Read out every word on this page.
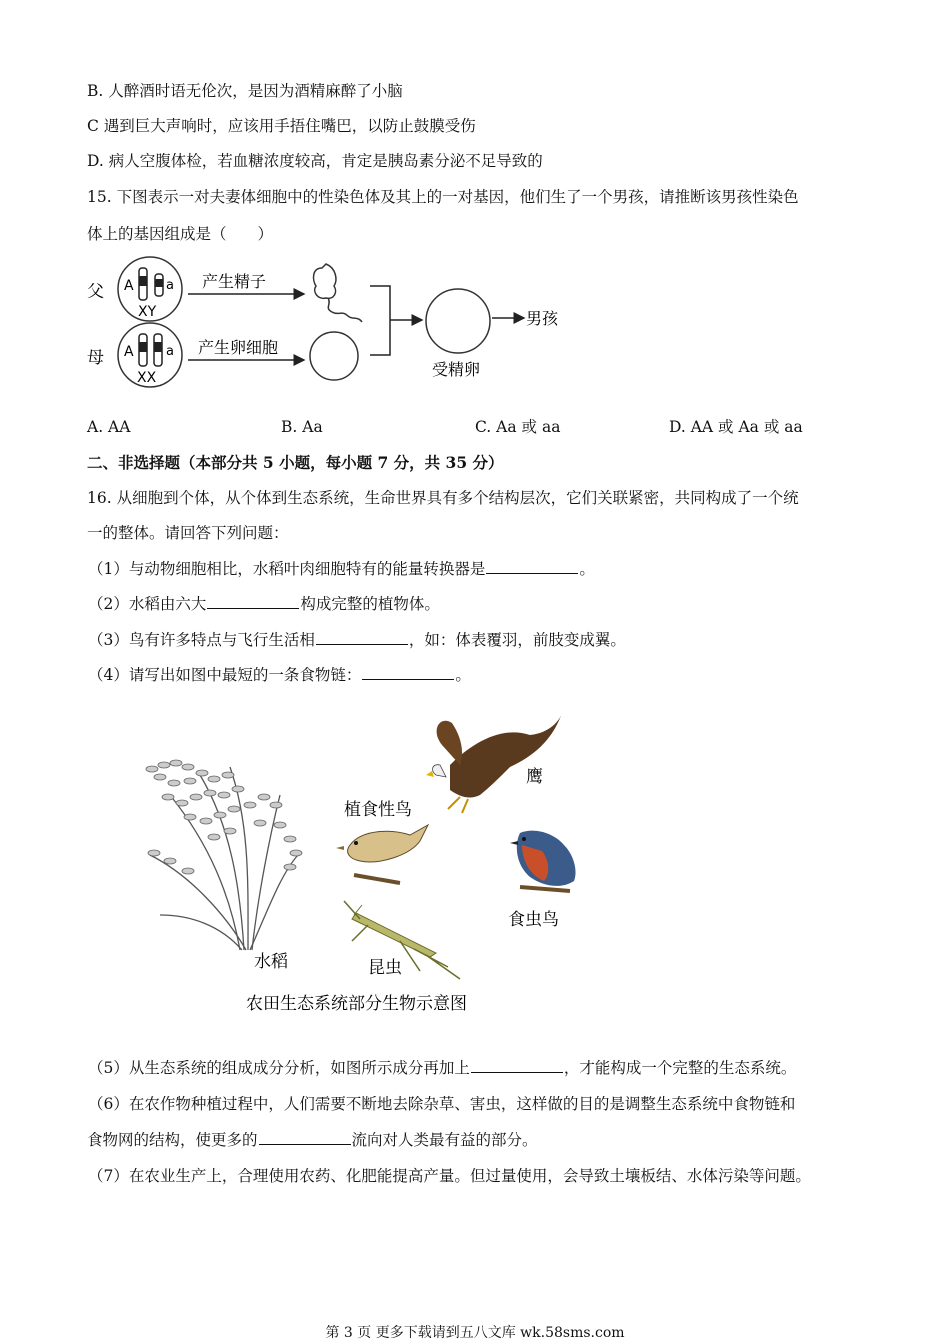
B. 人醉酒时语无伦次，是因为酒精麻醉了小脑
C 遇到巨大声响时，应该用手捂住嘴巴，以防止鼓膜受伤
D. 病人空腹体检，若血糖浓度较高，肯定是胰岛素分泌不足导致的
15. 下图表示一对夫妻体细胞中的性染色体及其上的一对基因，他们生了一个男孩，请推断该男孩性染色
体上的基因组成是（　　）
父 A a
XY
母 A a
XX
产生精子
产生卵细胞
受精卵
男孩
A. AA	B. Aa	C. Aa 或 aa	D. AA 或 Aa 或 aa
二、非选择题（本部分共 5 小题，每小题 7 分，共 35 分）
16. 从细胞到个体，从个体到生态系统，生命世界具有多个结构层次，它们关联紧密，共同构成了一个统
一的整体。请回答下列问题：
（1）与动物细胞相比，水稻叶肉细胞特有的能量转换器是	。
（2）水稻由六大	构成完整的植物体。
（3）鸟有许多特点与飞行生活相	，如：体表覆羽，前肢变成翼。
（4）请写出如图中最短的一条食物链：	。
水稻
鹰
植食性鸟
食虫鸟
昆虫
农田生态系统部分生物示意图
（5）从生态系统的组成成分分析，如图所示成分再加上	，才能构成一个完整的生态系统。
（6）在农作物种植过程中，人们需要不断地去除杂草、害虫，这样做的目的是调整生态系统中食物链和
食物网的结构，使更多的	流向对人类最有益的部分。
（7）在农业生产上，合理使用农药、化肥能提高产量。但过量使用，会导致土壤板结、水体污染等问题。
第 3 页 更多下载请到五八文库 wk.58sms.com
